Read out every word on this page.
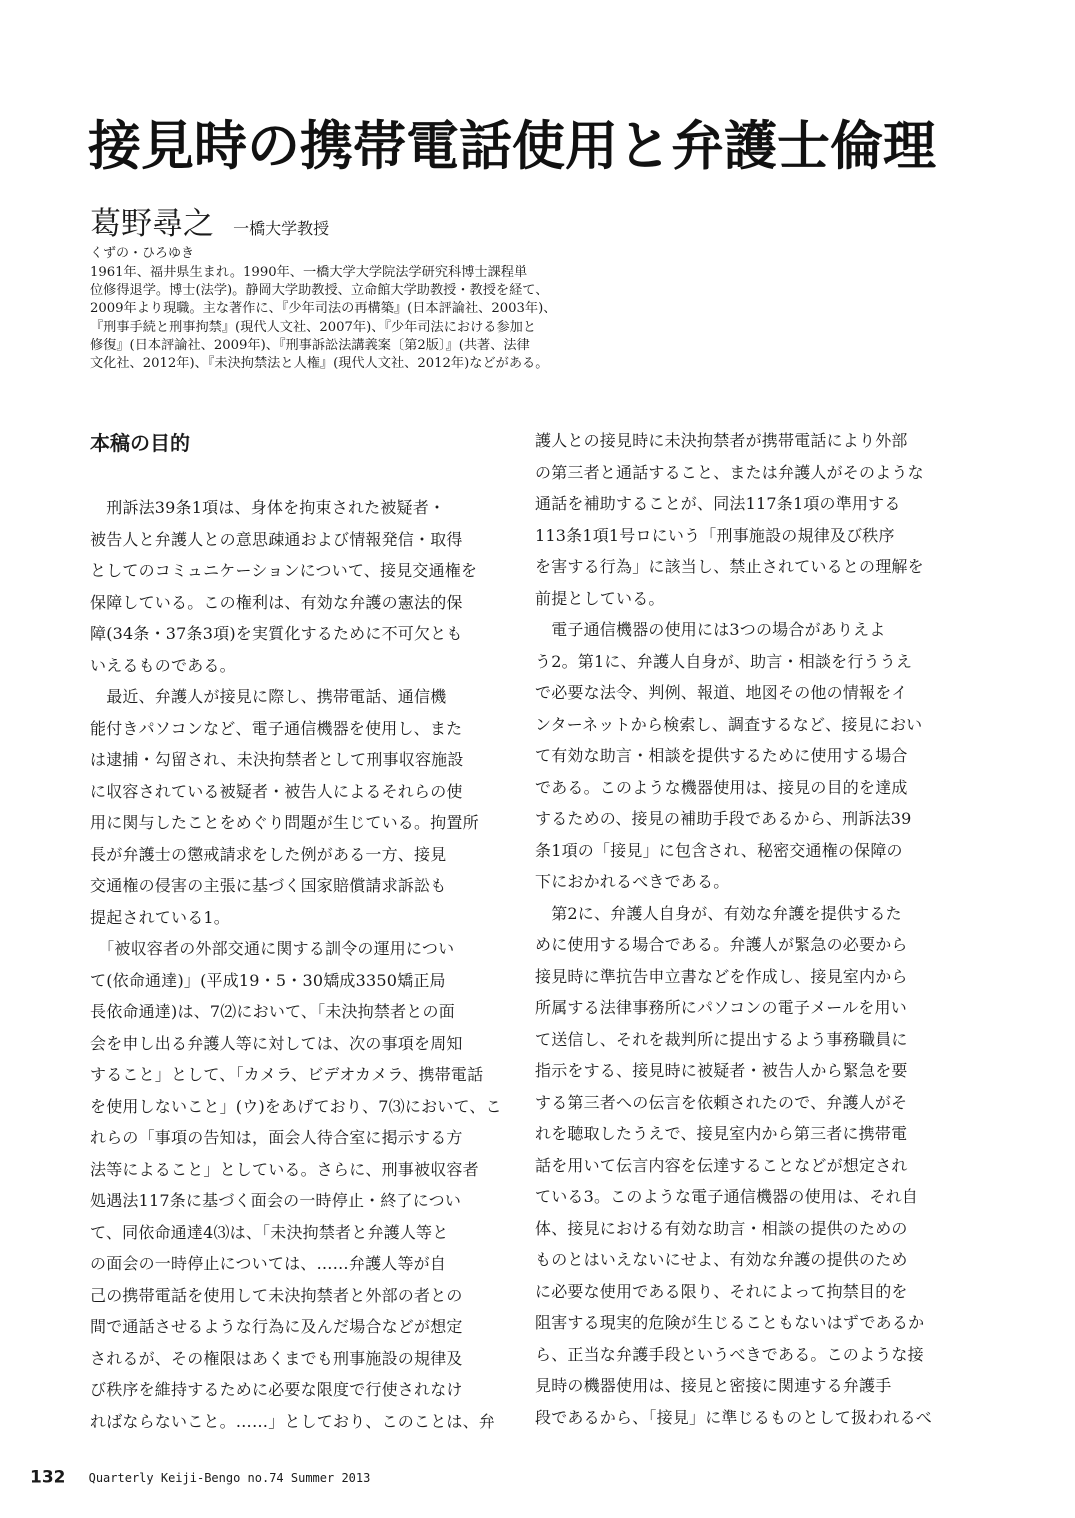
接見時の携帯電話使用と弁護士倫理
葛野尋之 一橋大学教授
くずの・ひろゆき

1961年、福井県生まれ。1990年、一橋大学大学院法学研究科博士課程単

位修得退学。博士(法学)。静岡大学助教授、立命館大学助教授・教授を経て、

2009年より現職。主な著作に、『少年司法の再構築』(日本評論社、2003年)、

『刑事手続と刑事拘禁』(現代人文社、2007年)、『少年司法における参加と

修復』(日本評論社、2009年)、『刑事訴訟法講義案〔第2版〕』(共著、法律

文化社、2012年)、『未決拘禁法と人権』(現代人文社、2012年)などがある。

本稿の目的

　刑訴法39条1項は、身体を拘束された被疑者・

被告人と弁護人との意思疎通および情報発信・取得

としてのコミュニケーションについて、接見交通権を

保障している。この権利は、有効な弁護の憲法的保

障(34条・37条3項)を実質化するために不可欠とも

いえるものである。

　最近、弁護人が接見に際し、携帯電話、通信機

能付きパソコンなど、電子通信機器を使用し、また

は逮捕・勾留され、未決拘禁者として刑事収容施設

に収容されている被疑者・被告人によるそれらの使

用に関与したことをめぐり問題が生じている。拘置所

長が弁護士の懲戒請求をした例がある一方、接見

交通権の侵害の主張に基づく国家賠償請求訴訟も

提起されている1。

　「被収容者の外部交通に関する訓令の運用につい

て(依命通達)」(平成19・5・30矯成3350矯正局

長依命通達)は、7⑵において、「未決拘禁者との面

会を申し出る弁護人等に対しては、次の事項を周知

すること」として、「カメラ、ビデオカメラ、携帯電話

を使用しないこと」(ウ)をあげており、7⑶において、こ

れらの「事項の告知は，面会人待合室に掲示する方

法等によること」としている。さらに、刑事被収容者

処遇法117条に基づく面会の一時停止・終了につい

て、同依命通達4⑶は、「未決拘禁者と弁護人等と

の面会の一時停止については、……弁護人等が自

己の携帯電話を使用して未決拘禁者と外部の者との

間で通話させるような行為に及んだ場合などが想定

されるが、その権限はあくまでも刑事施設の規律及

び秩序を維持するために必要な限度で行使されなけ

ればならないこと。……」としており、このことは、弁

護人との接見時に未決拘禁者が携帯電話により外部

の第三者と通話すること、または弁護人がそのような

通話を補助することが、同法117条1項の準用する

113条1項1号ロにいう「刑事施設の規律及び秩序

を害する行為」に該当し、禁止されているとの理解を

前提としている。

　電子通信機器の使用には3つの場合がありえよ

う2。第1に、弁護人自身が、助言・相談を行ううえ

で必要な法令、判例、報道、地図その他の情報をイ

ンターネットから検索し、調査するなど、接見におい

て有効な助言・相談を提供するために使用する場合

である。このような機器使用は、接見の目的を達成

するための、接見の補助手段であるから、刑訴法39

条1項の「接見」に包含され、秘密交通権の保障の

下におかれるべきである。

　第2に、弁護人自身が、有効な弁護を提供するた

めに使用する場合である。弁護人が緊急の必要から

接見時に準抗告申立書などを作成し、接見室内から

所属する法律事務所にパソコンの電子メールを用い

て送信し、それを裁判所に提出するよう事務職員に

指示をする、接見時に被疑者・被告人から緊急を要

する第三者への伝言を依頼されたので、弁護人がそ

れを聴取したうえで、接見室内から第三者に携帯電

話を用いて伝言内容を伝達することなどが想定され

ている3。このような電子通信機器の使用は、それ自

体、接見における有効な助言・相談の提供のための

ものとはいえないにせよ、有効な弁護の提供のため

に必要な使用である限り、それによって拘禁目的を

阻害する現実的危険が生じることもないはずであるか

ら、正当な弁護手段というべきである。このような接

見時の機器使用は、接見と密接に関連する弁護手

段であるから、「接見」に準じるものとして扱われるべ

132 Quarterly Keiji-Bengo no.74 Summer 2013
